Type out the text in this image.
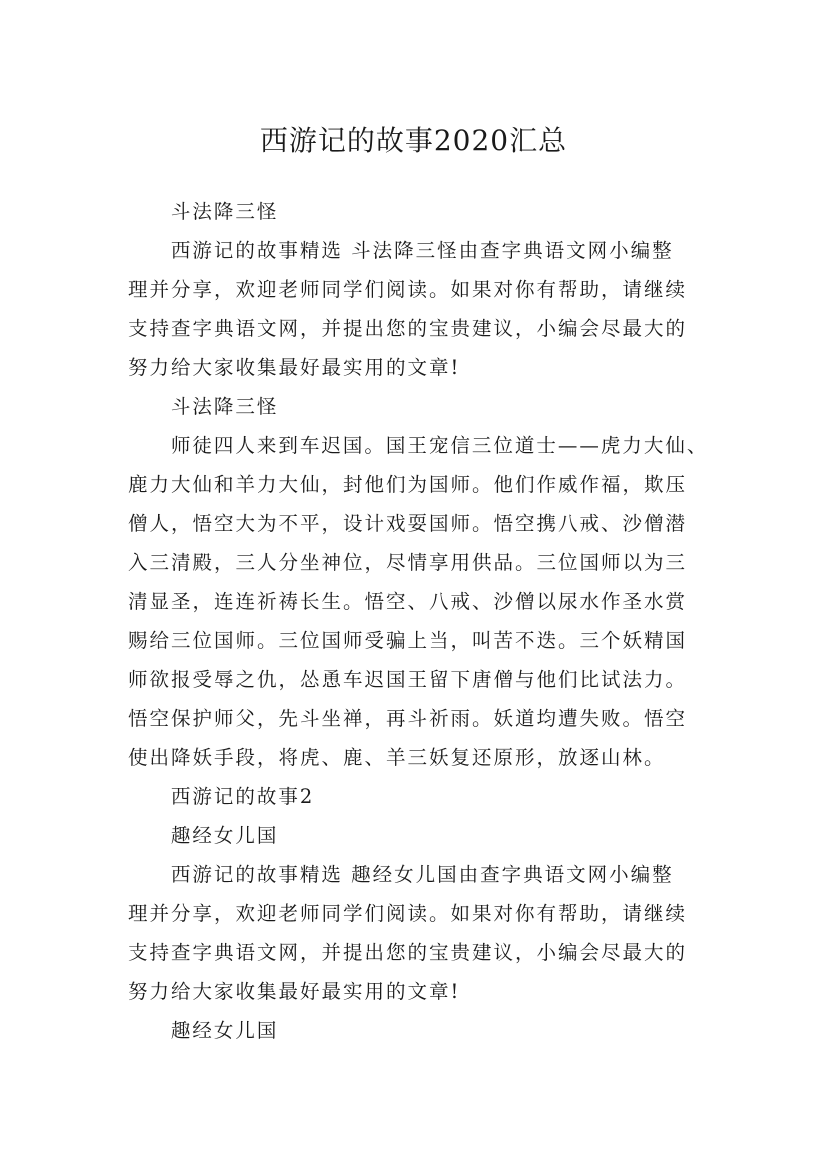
西游记的故事2020汇总

斗法降三怪

西游记的故事精选 斗法降三怪由查字典语文网小编整
理并分享，欢迎老师同学们阅读。如果对你有帮助，请继续
支持查字典语文网，并提出您的宝贵建议，小编会尽最大的
努力给大家收集最好最实用的文章!

斗法降三怪

师徒四人来到车迟国。国王宠信三位道士——虎力大仙、
鹿力大仙和羊力大仙，封他们为国师。他们作威作福，欺压
僧人，悟空大为不平，设计戏耍国师。悟空携八戒、沙僧潜
入三清殿，三人分坐神位，尽情享用供品。三位国师以为三
清显圣，连连祈祷长生。悟空、八戒、沙僧以尿水作圣水赏
赐给三位国师。三位国师受骗上当，叫苦不迭。三个妖精国
师欲报受辱之仇，怂恿车迟国王留下唐僧与他们比试法力。
悟空保护师父，先斗坐禅，再斗祈雨。妖道均遭失败。悟空
使出降妖手段，将虎、鹿、羊三妖复还原形，放逐山林。

西游记的故事2

趣经女儿国

西游记的故事精选 趣经女儿国由查字典语文网小编整
理并分享，欢迎老师同学们阅读。如果对你有帮助，请继续
支持查字典语文网，并提出您的宝贵建议，小编会尽最大的
努力给大家收集最好最实用的文章!

趣经女儿国
